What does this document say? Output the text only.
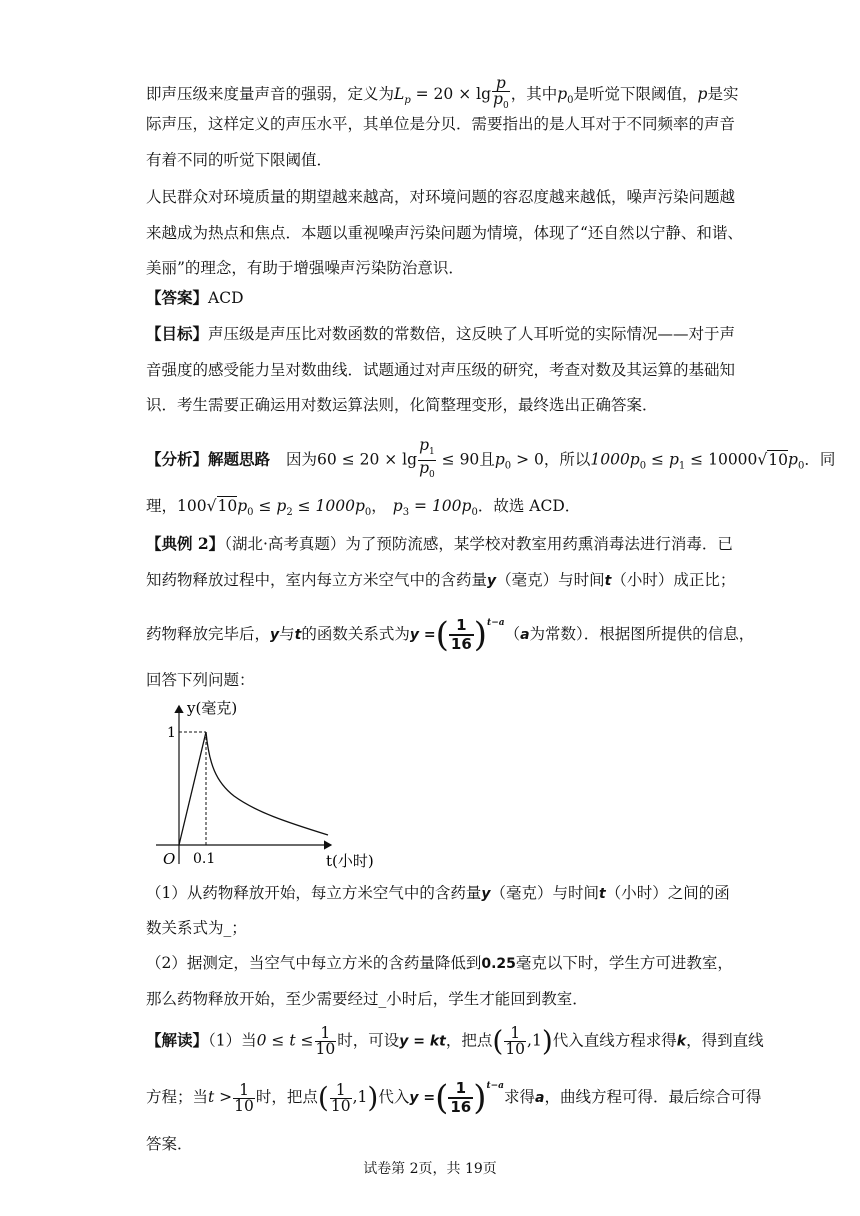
即声压级来度量声音的强弱，定义为$L_p = 20 \times \lg \frac{p}{p_0}$ ，其中$p_0$是听觉下限阈值，p是实
际声压，这样定义的声压水平，其单位是分贝．需要指出的是人耳对于不同频率的声音
有着不同的听觉下限阈值．
人民群众对环境质量的期望越来越高，对环境问题的容忍度越来越低，噪声污染问题越
来越成为热点和焦点．本题以重视噪声污染问题为情境，体现了“还自然以宁静、和谐、
美丽”的理念，有助于增强噪声污染防治意识．
【答案】ACD
【目标】声压级是声压比对数函数的常数倍，这反映了人耳听觉的实际情况——对于声
音强度的感受能力呈对数曲线．试题通过对声压级的研究，考查对数及其运算的基础知
识．考生需要正确运用对数运算法则，化简整理变形，最终选出正确答案．
【分析】解题思路 因为$60 \le 20 \times \lg \frac{p_1}{p_0} \le 90$且$p_0 > 0$，所以$1000p_0 \le p_1 \le 10000√10p_0$．同
理，$100√10p_0 \le p_2 \le 1000p_0$， $p_3 = 100p_0$．故选 ACD．
【典例 2】（湖北·高考真题）为了预防流感，某学校对教室用药熏消毒法进行消毒．已
知药物释放过程中，室内每立方米空气中的含药量y（毫克）与时间t（小时）成正比；
药物释放完毕后，y与t的函数关系式为y =( $\frac{1}{16} )^{t-a}(a$为常数）．根据图所提供的信息，
回答下列问题：
y(毫克)
t(小时)
O
1
0.1
（1）从药物释放开始，每立方米空气中的含药量y（毫克）与时间t（小时）之间的函
数关系式为_；
（2）据测定，当空气中每立方米的含药量降低到0.25毫克以下时，学生方可进教室，
那么药物释放开始，至少需要经过_小时后，学生才能回到教室．
【解读】（1）当$0 \le t \le \frac{1}{10}$ 时，可设y = kt，把点( $\frac{1}{10} ,1$)代入直线方程求得k，得到直线
方程；当$t > \frac{1}{10}$ 时，把点( $\frac{1}{10} ,1$)代入y =( $\frac{1}{16} )^{t-a}$求得a，曲线方程可得．最后综合可得
答案．
试卷第 2页，共 19页
